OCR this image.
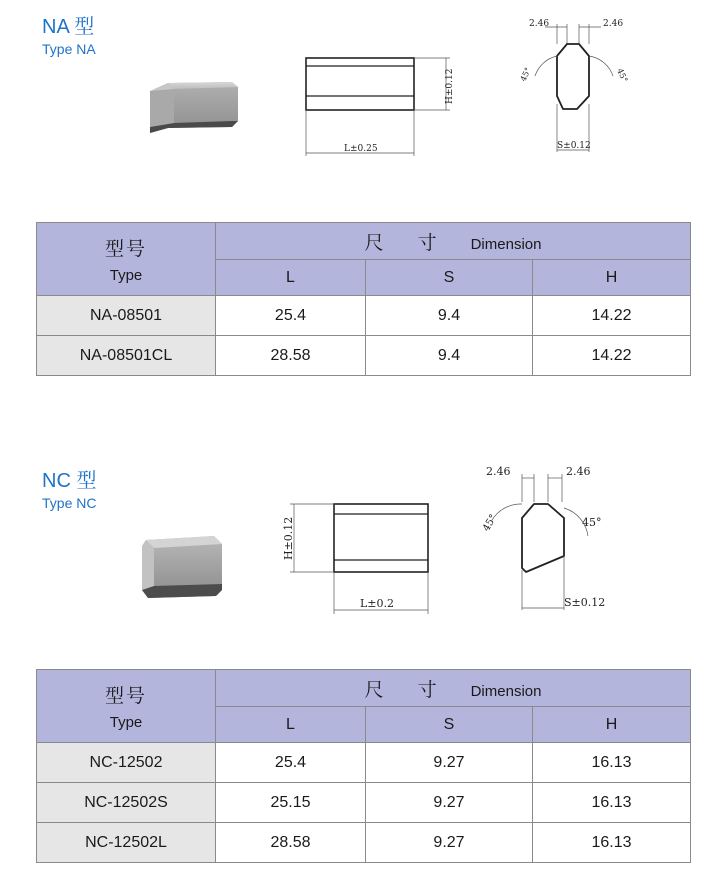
NA 型
Type NA
H±0.12
L±0.25
2.46	2.46
45°	45°
S±0.12
型号
Type	尺 寸 Dimension		
	L	S	H
NA-08501	25.4	9.4	14.22
NA-08501CL	28.58	9.4	14.22
NC 型
Type NC
H±0.12
L±0.2
2.46	2.46
45°	45°
S±0.12
型号
Type	尺 寸 Dimension		
	L	S	H
NC-12502	25.4	9.27	16.13
NC-12502S	25.15	9.27	16.13
NC-12502L	28.58	9.27	16.13
